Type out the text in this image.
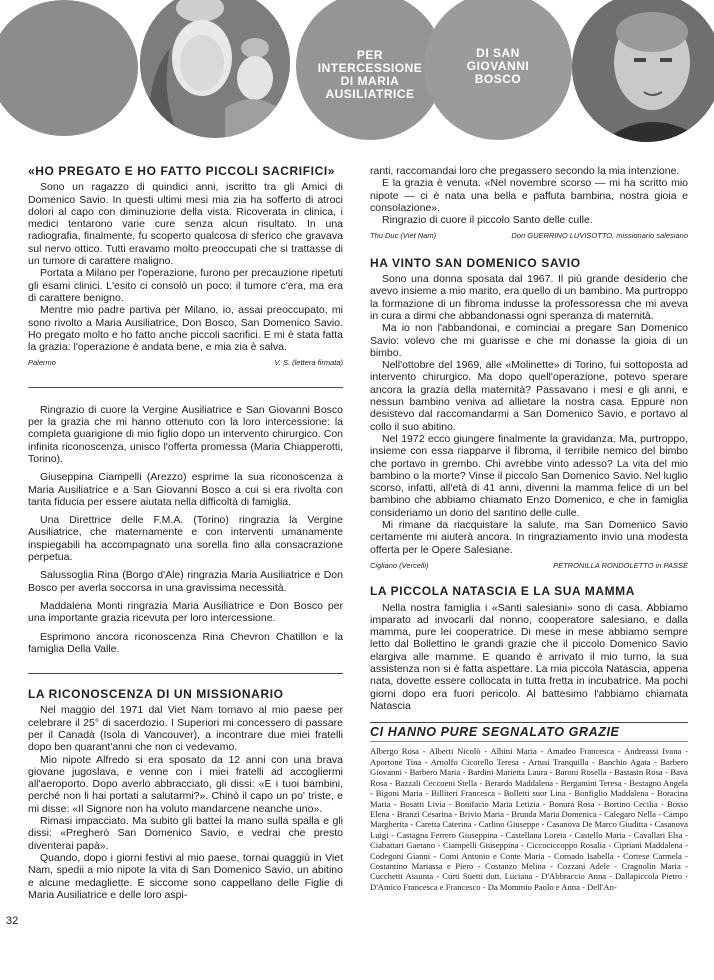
PER INTERCESSIONE DI MARIA AUSILIATRICE
DI SAN GIOVANNI BOSCO
«HO PREGATO E HO FATTO PICCOLI SACRIFICI»

Sono un ragazzo di quindici anni, iscritto tra gli Amici di Domenico Savio. In questi ultimi mesi mia zia ha sofferto di atroci dolori al capo con diminuzione della vista. Ricoverata in clinica, i medici tentarono varie cure senza alcun risultato. In una radiografia, finalmente, fu scoperto qualcosa di sferico che gravava sul nervo ottico. Tutti eravamo molto preoccupati che si trattasse di un tumore di carattere maligno.

Portata a Milano per l'operazione, furono per precauzione ripetuti gli esami clinici. L'esito ci consolò un poco: il tumore c'era, ma era di carattere benigno.

Mentre mio padre partiva per Milano, io, assai preoccupato, mi sono rivolto a Maria Ausiliatrice, Don Bosco, San Domenico Savio. Ho pregato molto e ho fatto anche piccoli sacrifici. E mi è stata fatta la grazia: l'operazione è andata bene, e mia zia è salva.

Palermo	V. S. (lettera firmata)

Ringrazio di cuore la Vergine Ausiliatrice e San Giovanni Bosco per la grazia che mi hanno ottenuto con la loro intercessione: la completa guarigione di mio figlio dopo un intervento chirurgico. Con infinita riconoscenza, unisco l'offerta promessa (Maria Chiapperotti, Torino).

Giuseppina Ciampelli (Arezzo) esprime la sua riconoscenza a Maria Ausiliatrice e a San Giovanni Bosco a cui si era rivolta con tanta fiducia per essere aiutata nella difficoltà di famiglia.

Una Direttrice delle F.M.A. (Torino) ringrazia la Vergine Ausiliatrice, che maternamente e con interventi umanamente inspiegabili ha accompagnato una sorella fino alla consacrazione perpetua.

Salussoglia Rina (Borgo d'Ale) ringrazia Maria Ausiliatrice e Don Bosco per averla soccorsa in una gravissima necessità.

Maddalena Monti ringrazia Maria Ausiliatrice e Don Bosco per una importante grazia ricevuta per loro intercessione.

Esprimono ancora riconoscenza Rina Chevron Chatillon e la famiglia Della Valle.

LA RICONOSCENZA DI UN MISSIONARIO

Nel maggio del 1971 dal Viet Nam tornavo al mio paese per celebrare il 25° di sacerdozio. I Superiori mi concessero di passare per il Canadà (Isola di Vancouver), a incontrare due miei fratelli dopo ben quarant'anni che non ci vedevamo.

Mio nipote Alfredo si era sposato da 12 anni con una brava giovane jugoslava, e venne con i miei fratelli ad accogliermi all'aeroporto. Dopo averlo abbracciato, gli dissi: «E i tuoi bambini, perché non li hai portati a salutarmi?». Chinò il capo un po' triste, e mi disse: «Il Signore non ha voluto mandarcene neanche uno».

Rimasi impacciato. Ma subito gli battei la mano sulla spalla e gli dissi: «Pregherò San Domenico Savio, e vedrai che presto diventerai papà».

Quando, dopo i giorni festivi al mio paese, tornai quaggiù in Viet Nam, spedii a mio nipote la vita di San Domenico Savio, un abitino e alcune medagliette. E siccome sono cappellano delle Figlie di Maria Ausiliatrice e delle loro aspi-

32

ranti, raccomandai loro che pregassero secondo la mia intenzione.

E la grazia è venuta. «Nel novembre scorso — mi ha scritto mio nipote — ci è nata una bella e paffuta bambina, nostra gioia e consolazione».

Ringrazio di cuore il piccolo Santo delle culle.

Thu Duc (Viet Nam)	Don GUERRINO LUVISOTTO, missionario salesiano
HA VINTO SAN DOMENICO SAVIO

Sono una donna sposata dal 1967. Il più grande desiderio che avevo insieme a mio marito, era quello di un bambino. Ma purtroppo la formazione di un fibroma indusse la professoressa che mi aveva in cura a dirmi che abbandonassi ogni speranza di maternità.

Ma io non l'abbandonai, e cominciai a pregare San Domenico Savio: volevo che mi guarisse e che mi donasse la gioia di un bimbo.

Nell'ottobre del 1969, alle «Molinette» di Torino, fui sottoposta ad intervento chirurgico. Ma dopo quell'operazione, potevo sperare ancora la grazia della maternità? Passavano i mesi e gli anni, e nessun bambino veniva ad allietare la nostra casa. Eppure non desistevo dal raccomandarmi a San Domenico Savio, e portavo al collo il suo abitino.

Nel 1972 ecco giungere finalmente la gravidanza. Ma, purtroppo, insieme con essa riapparve il fibroma, il terribile nemico del bimbo che portavo in grembo. Chi avrebbe vinto adesso? La vita del mio bambino o la morte? Vinse il piccolo San Domenico Savio. Nel luglio scorso, infatti, all'età di 41 anni, divenni la mamma felice di un bel bambino che abbiamo chiamato Enzo Domenico, e che in famiglia consideriamo un dono del santino delle culle.

Mi rimane da riacquistare la salute, ma San Domenico Savio certamente mi aiuterà ancora. In ringraziamento invio una modesta offerta per le Opere Salesiane.

Cigliano (Vercelli)	PETRONILLA RONDOLETTO in PASSÈ
LA PICCOLA NATASCIA E LA SUA MAMMA

Nella nostra famiglia i «Santi salesiani» sono di casa. Abbiamo imparato ad invocarli dal nonno, cooperatore salesiano, e dalla mamma, pure lei cooperatrice. Di mese in mese abbiamo sempre letto dal Bollettino le grandi grazie che il piccolo Domenico Savio elargiva alle mamme. E quando è arrivato il mio turno, la sua assistenza non si è fatta aspettare. La mia piccola Natascia, appena nata, dovette essere collocata in tutta fretta in incubatrice. Ma pochi giorni dopo era fuori pericolo. Al battesimo l'abbiamo chiamata Natascia

CI HANNO PURE SEGNALATO GRAZIE
Albergo Rosa - Alberti Nicolò - Albini Maria - Amadeo Francesca - Andreassi Ivana - Aportone Tina - Arnolfo Cicorello Teresa - Artusi Tranquilla - Banchio Agata - Barbero Giovanni - Barbero Maria - Bardini Marietta Laura - Baroni Rosella - Bastasin Rosa - Bava Rosa - Bazzali Ceccoeni Stella - Berardo Maddalena - Bergamini Teresa - Bestagno Angela - Bigoni Maria - Billiteri Francesca - Bolletti suor Lina - Bonfiglio Maddalena - Boracina Maria - Bosatti Livia - Bonifacio Maria Letizia - Bonura Rosa - Bortino Cecilia - Bosso Elena - Branzi Cesarina - Brivio Maria - Brunda Maria Domenica - Calegaro Nella - Campo Margherita - Caretta Caterina - Carlino Giuseppe - Casanova De Marco Giuditta - Casanova Luigi - Castagna Ferrero Giuseppina - Castellana Loreta - Castello Maria - Cavallari Elsa - Ciabattari Gaetano - Ciampelli Giuseppina - Ciccociccoppo Rosalia - Cipriani Maddalena - Codegoni Gianni - Comi Antonio e Conte Maria - Cornado Isabella - Cortese Carmela - Costantino Mariassa e Piero - Costanzo Melina - Cozzani Adele - Cragnolin Maria - Cucchetti Assunta - Curti Suetti dott. Luciana - D'Abbraccio Anna - Dallapiccola Pietro - D'Amico Francesca e Francesco - Da Mommio Paolo e Anna - Dell'An-
